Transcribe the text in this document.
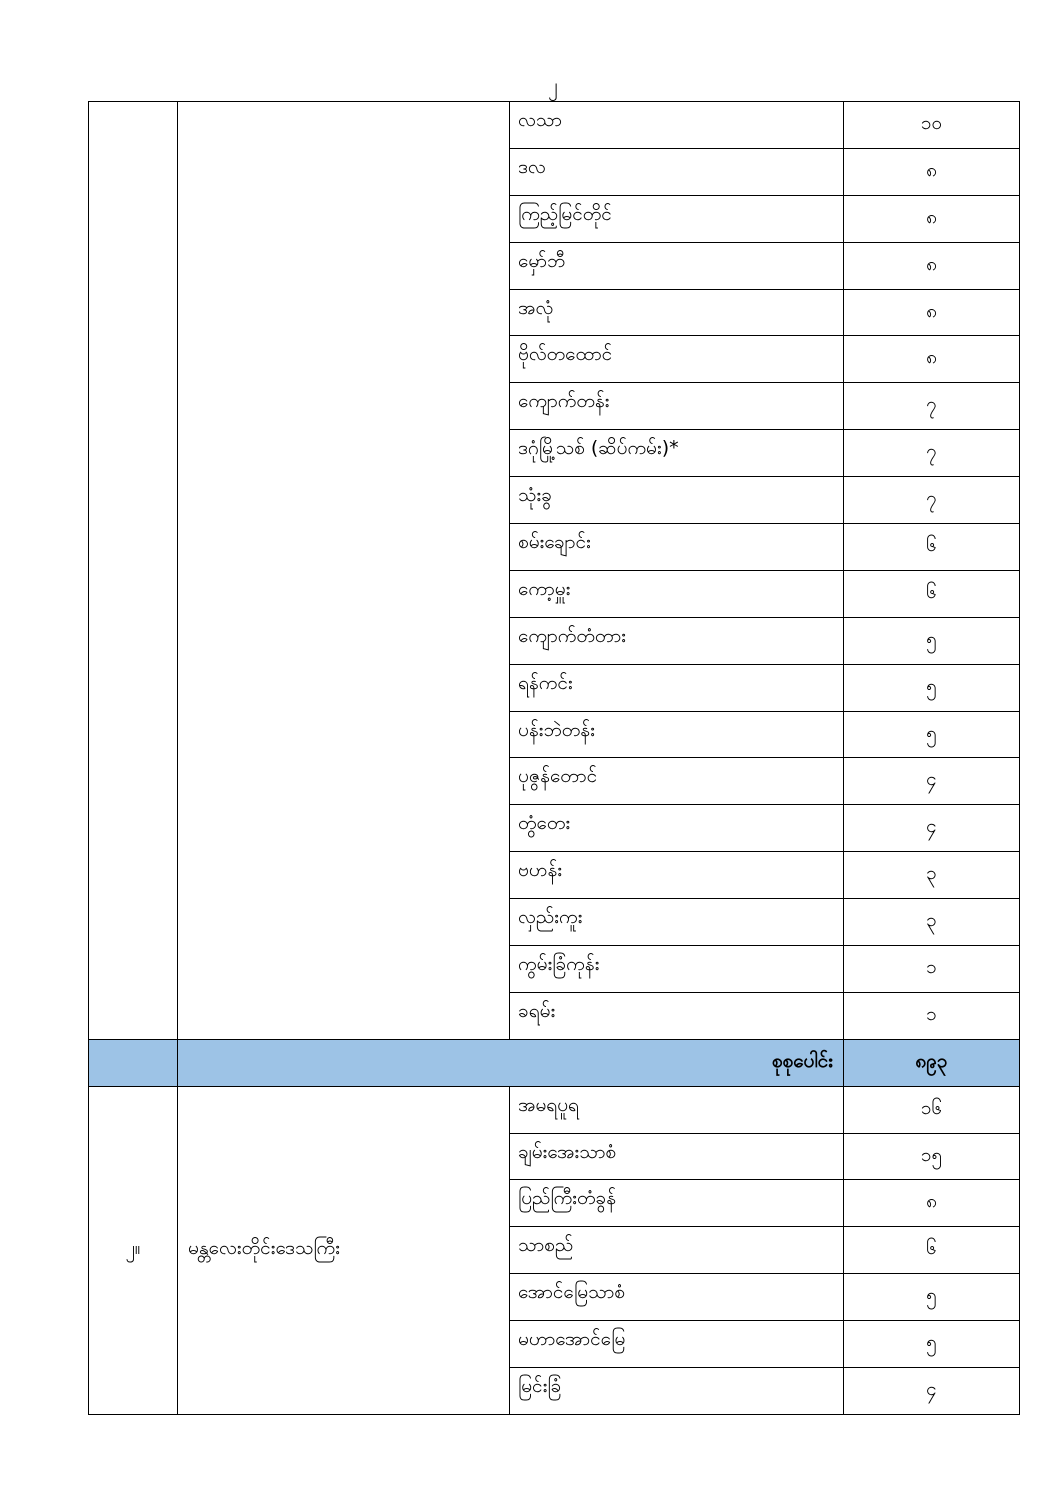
၂
		လသာ	၁၀
		ဒလ	၈
		ကြည့်မြင်တိုင်	၈
		မှော်ဘီ	၈
		အလုံ	၈
		ဗိုလ်တထောင်	၈
		ကျောက်တန်း	၇
		ဒဂုံမြို့သစ် (ဆိပ်ကမ်း)*	၇
		သုံးခွ	၇
		စမ်းချောင်း	၆
		ကော့မှူး	၆
		ကျောက်တံတား	၅
		ရန်ကင်း	၅
		ပန်းဘဲတန်း	၅
		ပုဇွန်တောင်	၄
		တွံတေး	၄
		ဗဟန်း	၃
		လှည်းကူး	၃
		ကွမ်းခြံကုန်း	၁
		ခရမ်း	၁
	စုစုပေါင်း		၈၉၃
၂။	မန္တလေးတိုင်းဒေသကြီး	အမရပူရ	၁၆
		ချမ်းအေးသာစံ	၁၅
		ပြည်ကြီးတံခွန်	၈
		သာစည်	၆
		အောင်မြေသာစံ	၅
		မဟာအောင်မြေ	၅
		မြင်းခြံ	၄
